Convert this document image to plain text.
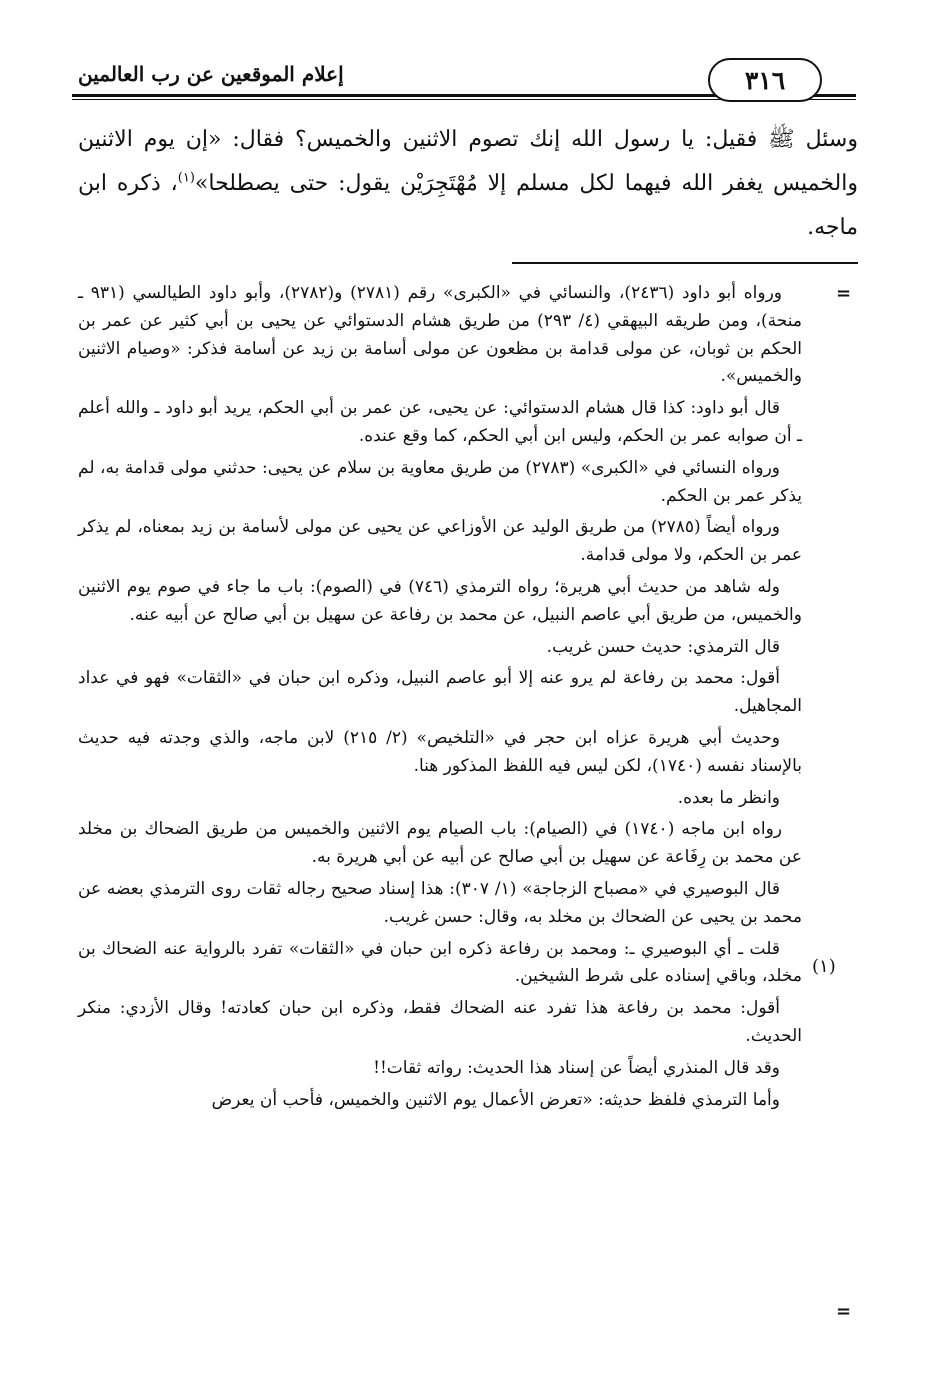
٣١٦
إعلام الموقعين عن رب العالمين
وسئل ﷺ فقيل: يا رسول الله إنك تصوم الاثنين والخميس؟ فقال: «إن يوم الاثنين والخميس يغفر الله فيهما لكل مسلم إلا مُهْتَجِرَيْن يقول: حتى يصطلحا»$^{(١)}$، ذكره ابن ماجه.
=
(١)
=

ورواه أبو داود (٢٤٣٦)، والنسائي في «الكبرى» رقم (٢٧٨١) و(٢٧٨٢)، وأبو داود الطيالسي (٩٣١ ـ منحة)، ومن طريقه البيهقي (٤/ ٢٩٣) من طريق هشام الدستوائي عن يحيى بن أبي كثير عن عمر بن الحكم بن ثوبان، عن مولى قدامة بن مظعون عن مولى أسامة بن زيد عن أسامة فذكر: «وصيام الاثنين والخميس».

قال أبو داود: كذا قال هشام الدستوائي: عن يحيى، عن عمر بن أبي الحكم، يريد أبو داود ـ والله أعلم ـ أن صوابه عمر بن الحكم، وليس ابن أبي الحكم، كما وقع عنده.

ورواه النسائي في «الكبرى» (٢٧٨٣) من طريق معاوية بن سلام عن يحيى: حدثني مولى قدامة به، لم يذكر عمر بن الحكم.

ورواه أيضاً (٢٧٨٥) من طريق الوليد عن الأوزاعي عن يحيى عن مولى لأسامة بن زيد بمعناه، لم يذكر عمر بن الحكم، ولا مولى قدامة.

وله شاهد من حديث أبي هريرة؛ رواه الترمذي (٧٤٦) في (الصوم): باب ما جاء في صوم يوم الاثنين والخميس، من طريق أبي عاصم النبيل، عن محمد بن رفاعة عن سهيل بن أبي صالح عن أبيه عنه.

قال الترمذي: حديث حسن غريب.

أقول: محمد بن رفاعة لم يرو عنه إلا أبو عاصم النبيل، وذكره ابن حبان في «الثقات» فهو في عداد المجاهيل.

وحديث أبي هريرة عزاه ابن حجر في «التلخيص» (٢/ ٢١٥) لابن ماجه، والذي وجدته فيه حديث بالإسناد نفسه (١٧٤٠)، لكن ليس فيه اللفظ المذكور هنا.

وانظر ما بعده.

رواه ابن ماجه (١٧٤٠) في (الصيام): باب الصيام يوم الاثنين والخميس من طريق الضحاك بن مخلد عن محمد بن رِفَاعة عن سهيل بن أبي صالح عن أبيه عن أبي هريرة به.

قال البوصيري في «مصباح الزجاجة» (١/ ٣٠٧): هذا إسناد صحيح رجاله ثقات روى الترمذي بعضه عن محمد بن يحيى عن الضحاك بن مخلد به، وقال: حسن غريب.

قلت ـ أي البوصيري ـ: ومحمد بن رفاعة ذكره ابن حبان في «الثقات» تفرد بالرواية عنه الضحاك بن مخلد، وباقي إسناده على شرط الشيخين.

أقول: محمد بن رفاعة هذا تفرد عنه الضحاك فقط، وذكره ابن حبان كعادته! وقال الأزدي: منكر الحديث.

وقد قال المنذري أيضاً عن إسناد هذا الحديث: رواته ثقات!!

وأما الترمذي فلفظ حديثه: «تعرض الأعمال يوم الاثنين والخميس، فأحب أن يعرض
